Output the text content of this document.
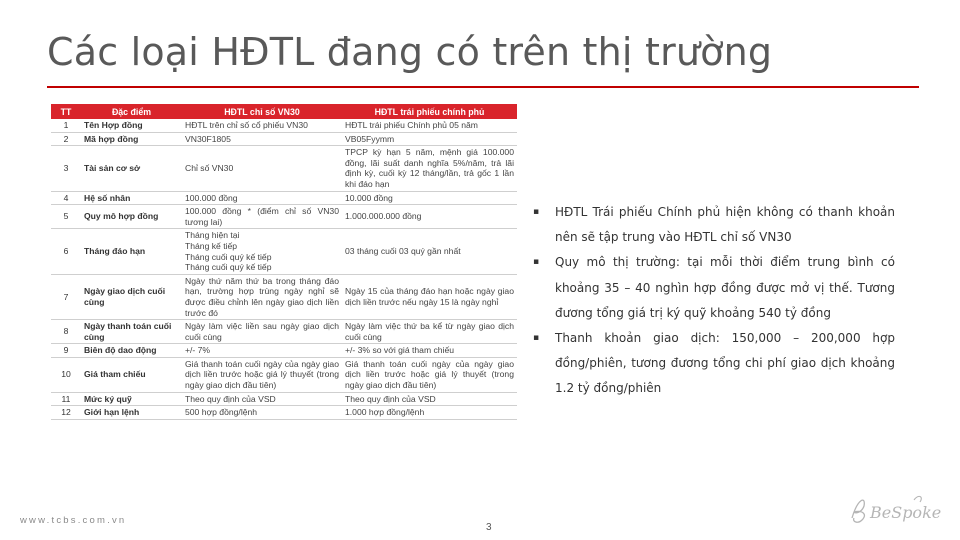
Các loại HĐTL đang có trên thị trường
TT	Đặc điểm	HĐTL chỉ số VN30	HĐTL trái phiếu chính phủ
1	Tên Hợp đồng	HĐTL trên chỉ số cổ phiếu VN30	HĐTL trái phiếu Chính phủ 05 năm

2	Mã hợp đồng	VN30F1805	VB05Fyymm

3	Tài sản cơ sở	Chỉ số VN30	TPCP kỳ hạn 5 năm, mệnh giá 100.000 đồng, lãi suất danh nghĩa 5%/năm, trả lãi định kỳ, cuối kỳ 12 tháng/lần, trả gốc 1 lần khi đáo hạn

4	Hệ số nhân	100.000 đồng	10.000 đồng

5	Quy mô hợp đồng	100.000 đồng * (điểm chỉ số VN30 tương lai)	1.000.000.000 đồng

6	Tháng đáo hạn	Tháng hiện tại
Tháng kế tiếp
Tháng cuối quý kế tiếp
Tháng cuối quý kế tiếp	03 tháng cuối 03 quý gần nhất

7	Ngày giao dịch cuối cùng	Ngày thứ năm thứ ba trong tháng đáo hạn, trường hợp trùng ngày nghỉ sẽ được điều chỉnh lên ngày giao dịch liền trước đó	Ngày 15 của tháng đáo hạn hoặc ngày giao dịch liền trước nếu ngày 15 là ngày nghỉ

8	Ngày thanh toán cuối cùng	Ngày làm việc liền sau ngày giao dịch cuối cùng	Ngày làm việc thứ ba kể từ ngày giao dịch cuối cùng

9	Biên độ dao động	+/- 7%	+/- 3% so với giá tham chiếu

10	Giá tham chiếu	Giá thanh toán cuối ngày của ngày giao dịch liền trước hoặc giá lý thuyết (trong ngày giao dịch đầu tiên)	Giá thanh toán cuối ngày của ngày giao dịch liền trước hoặc giá lý thuyết (trong ngày giao dịch đầu tiên)

11	Mức ký quỹ	Theo quy định của VSD	Theo quy định của VSD

12	Giới hạn lệnh	500 hợp đồng/lệnh	1.000 hợp đồng/lệnh
▪ HĐTL Trái phiếu Chính phủ hiện không có thanh khoản nên sẽ tập trung vào HĐTL chỉ số VN30
▪ Quy mô thị trường: tại mỗi thời điểm trung bình có khoảng 35 – 40 nghìn hợp đồng được mở vị thế. Tương đương tổng giá trị ký quỹ khoảng 540 tỷ đồng
▪ Thanh khoản giao dịch: 150,000 – 200,000 hợp đồng/phiên, tương đương tổng chi phí giao dịch khoảng 1.2 tỷ đồng/phiên
www.tcbs.com.vn
3
BeSpoke
